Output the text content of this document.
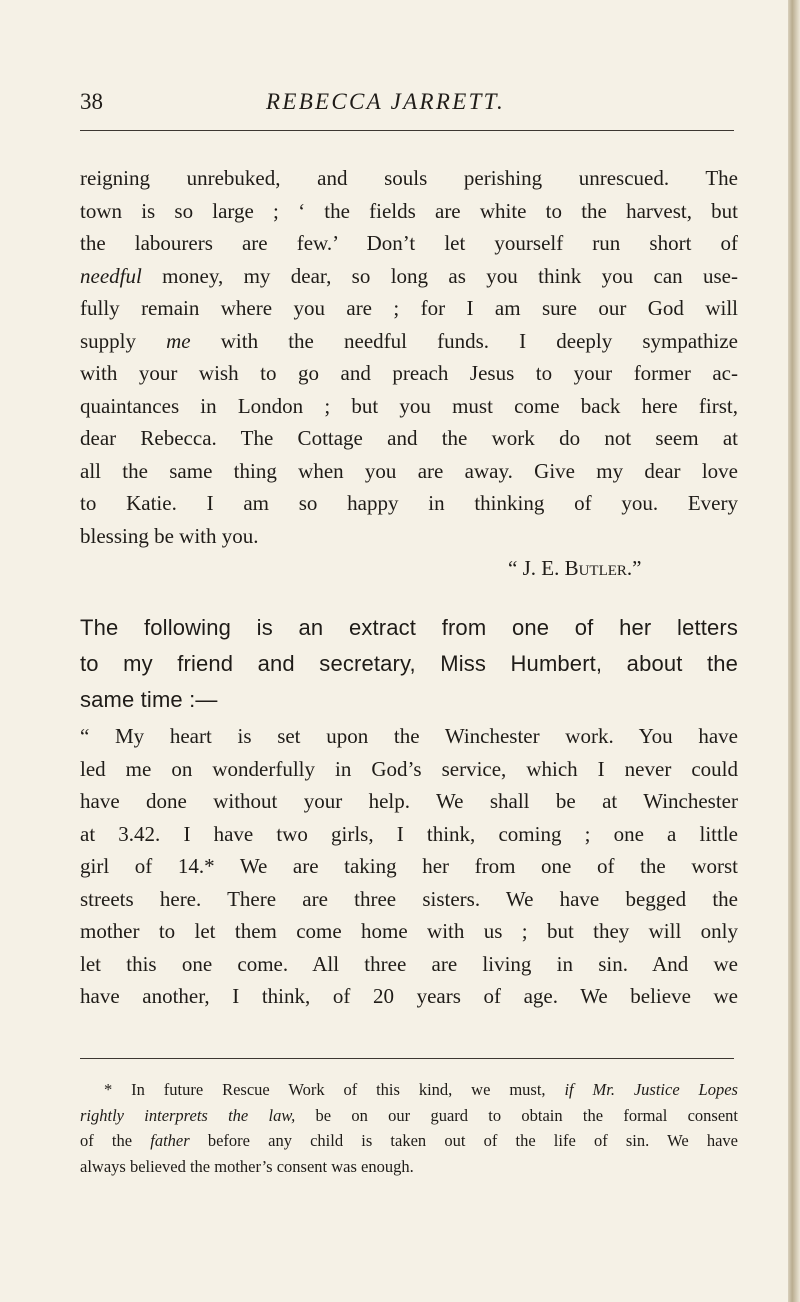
38	REBECCA JARRETT.
reigning unrebuked, and souls perishing unrescued. The
town is so large ; ‘ the fields are white to the harvest, but
the labourers are few.’ Don’t let yourself run short of
needful money, my dear, so long as you think you can use-
fully remain where you are ; for I am sure our God will
supply me with the needful funds. I deeply sympathize
with your wish to go and preach Jesus to your former ac-
quaintances in London ; but you must come back here first,
dear Rebecca. The Cottage and the work do not seem at
all the same thing when you are away. Give my dear love
to Katie. I am so happy in thinking of you. Every
blessing be with you.
“ J. E. Butler.”
The following is an extract from one of her letters
to my friend and secretary, Miss Humbert, about the
same time :—
“ My heart is set upon the Winchester work. You have
led me on wonderfully in God’s service, which I never could
have done without your help. We shall be at Winchester
at 3.42. I have two girls, I think, coming ; one a little
girl of 14.* We are taking her from one of the worst
streets here. There are three sisters. We have begged the
mother to let them come home with us ; but they will only
let this one come. All three are living in sin. And we
have another, I think, of 20 years of age. We believe we
* In future Rescue Work of this kind, we must, if Mr. Justice Lopes
rightly interprets the law, be on our guard to obtain the formal consent
of the father before any child is taken out of the life of sin. We have
always believed the mother’s consent was enough.
